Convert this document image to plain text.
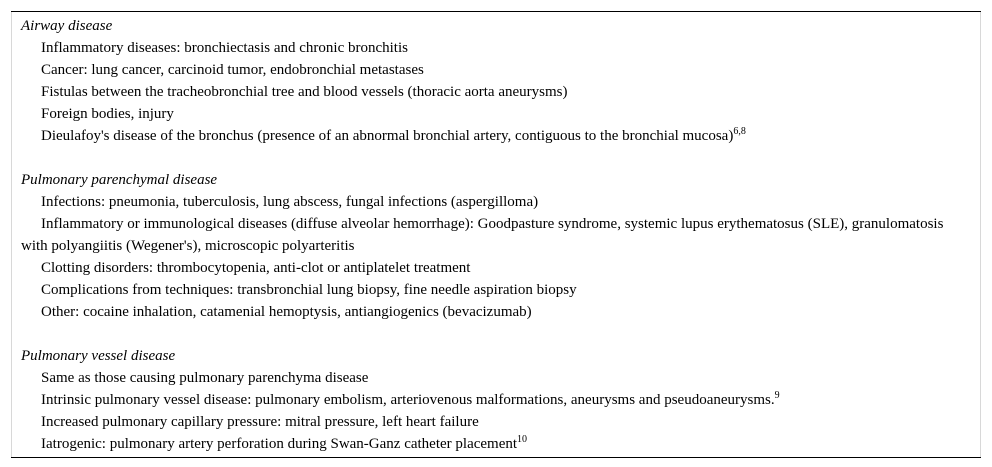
Airway disease
Inflammatory diseases: bronchiectasis and chronic bronchitis
Cancer: lung cancer, carcinoid tumor, endobronchial metastases
Fistulas between the tracheobronchial tree and blood vessels (thoracic aorta aneurysms)
Foreign bodies, injury
Dieulafoy's disease of the bronchus (presence of an abnormal bronchial artery, contiguous to the bronchial mucosa)$^{6,8}$
Pulmonary parenchymal disease
Infections: pneumonia, tuberculosis, lung abscess, fungal infections (aspergilloma)
Inflammatory or immunological diseases (diffuse alveolar hemorrhage): Goodpasture syndrome, systemic lupus erythematosus (SLE), granulomatosis with polyangiitis (Wegener's), microscopic polyarteritis
Clotting disorders: thrombocytopenia, anti-clot or antiplatelet treatment
Complications from techniques: transbronchial lung biopsy, fine needle aspiration biopsy
Other: cocaine inhalation, catamenial hemoptysis, antiangiogenics (bevacizumab)
Pulmonary vessel disease
Same as those causing pulmonary parenchyma disease
Intrinsic pulmonary vessel disease: pulmonary embolism, arteriovenous malformations, aneurysms and pseudoaneurysms.$^9$
Increased pulmonary capillary pressure: mitral pressure, left heart failure
Iatrogenic: pulmonary artery perforation during Swan-Ganz catheter placement$^{10}$
